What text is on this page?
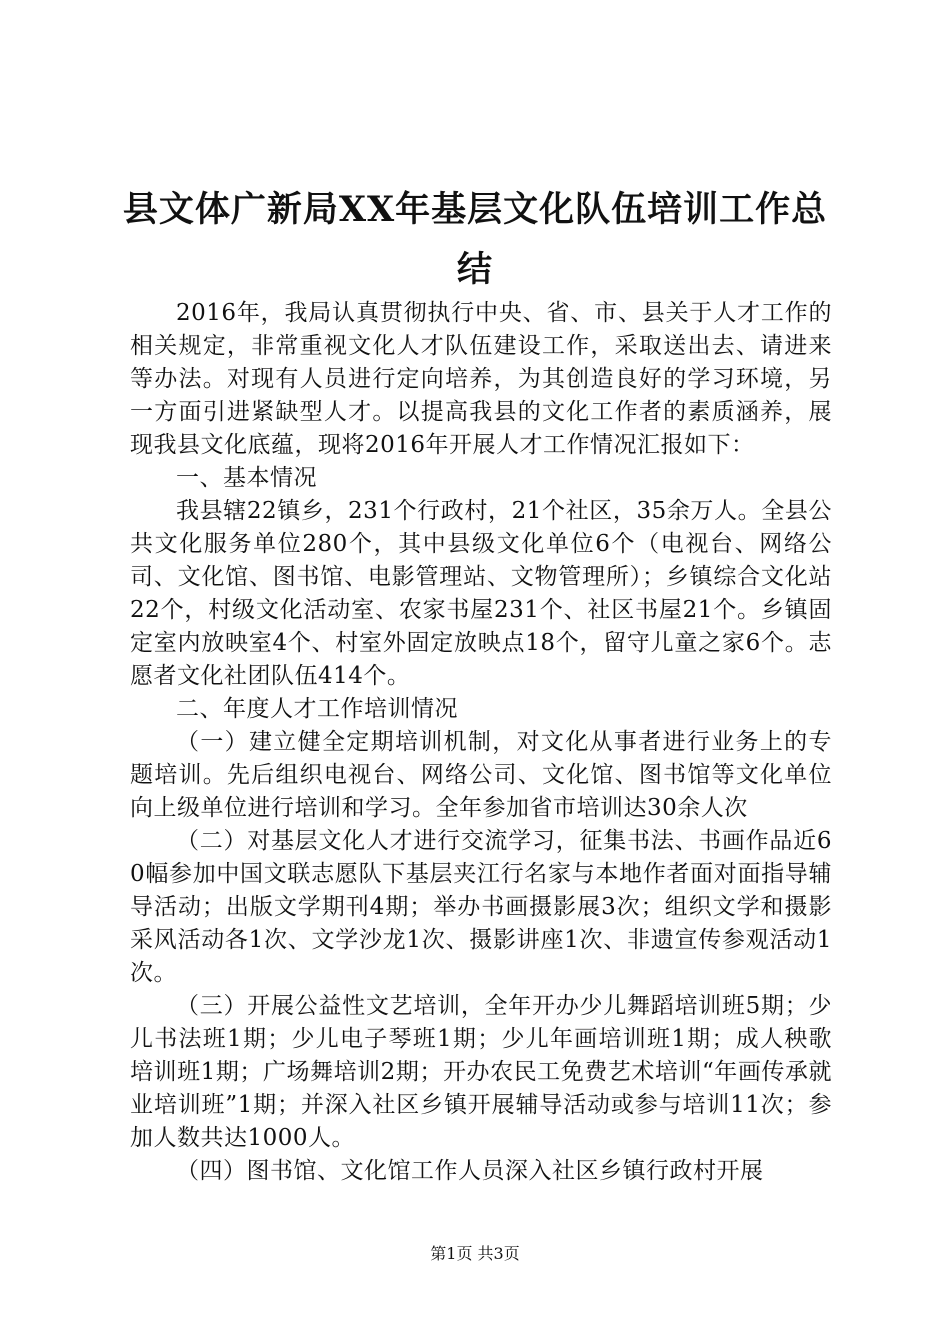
县文体广新局XX年基层文化队伍培训工作总
结

2016年，我局认真贯彻执行中央、省、市、县关于人才工作的相关规定，非常重视文化人才队伍建设工作，采取送出去、请进来等办法。对现有人员进行定向培养，为其创造良好的学习环境，另一方面引进紧缺型人才。以提高我县的文化工作者的素质涵养，展现我县文化底蕴，现将2016年开展人才工作情况汇报如下：

一、基本情况

我县辖22镇乡，231个行政村，21个社区，35余万人。全县公共文化服务单位280个，其中县级文化单位6个（电视台、网络公司、文化馆、图书馆、电影管理站、文物管理所）；乡镇综合文化站22个，村级文化活动室、农家书屋231个、社区书屋21个。乡镇固定室内放映室4个、村室外固定放映点18个，留守儿童之家6个。志愿者文化社团队伍414个。

二、年度人才工作培训情况

（一）建立健全定期培训机制，对文化从事者进行业务上的专题培训。先后组织电视台、网络公司、文化馆、图书馆等文化单位向上级单位进行培训和学习。全年参加省市培训达30余人次

（二）对基层文化人才进行交流学习，征集书法、书画作品近60幅参加中国文联志愿队下基层夹江行名家与本地作者面对面指导辅导活动；出版文学期刊4期；举办书画摄影展3次；组织文学和摄影采风活动各1次、文学沙龙1次、摄影讲座1次、非遗宣传参观活动1次。

（三）开展公益性文艺培训，全年开办少儿舞蹈培训班5期；少儿书法班1期；少儿电子琴班1期；少儿年画培训班1期；成人秧歌培训班1期；广场舞培训2期；开办农民工免费艺术培训“年画传承就业培训班”1期；并深入社区乡镇开展辅导活动或参与培训11次；参加人数共达1000人。

（四）图书馆、文化馆工作人员深入社区乡镇行政村开展

第1页 共3页
